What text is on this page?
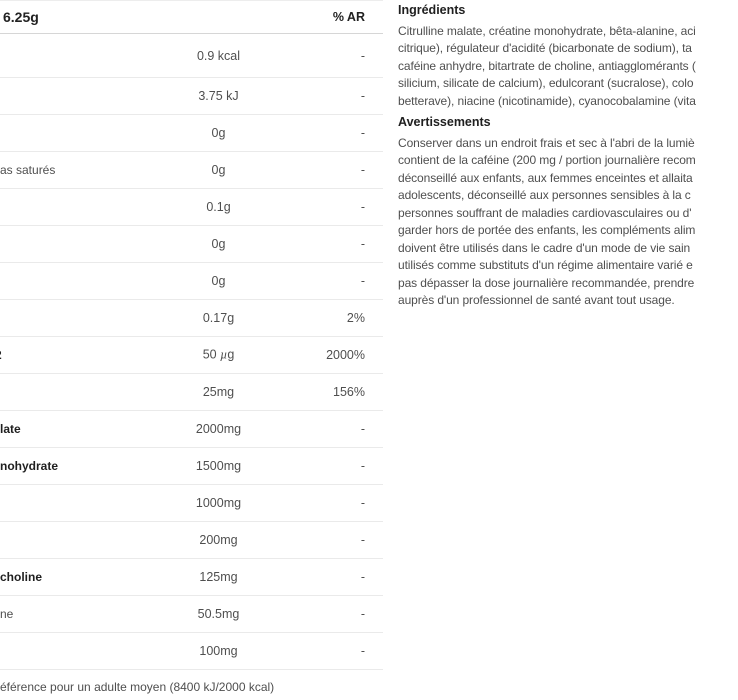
6.25g	% AR
0.9 kcal	-
3.75 kJ	-
0g	-
as saturés	0g	-
0.1g	-
0g	-
0g	-
0.17g	2%
50 µg	2000%
25mg	156%
late	2000mg	-
nohydrate	1500mg	-
1000mg	-
200mg	-
choline	125mg	-
ne	50.5mg	-
100mg	-
éférence pour un adulte moyen (8400 kJ/2000 kcal)
Ingrédients
Citrulline malate, créatine monohydrate, bêta-alanine, aci
citrique), régulateur d'acidité (bicarbonate de sodium), ta
caféine anhydre, bitartrate de choline, antiagglomérants (
silicium, silicate de calcium), edulcorant (sucralose), colo
betterave), niacine (nicotinamide), cyanocobalamine (vita
Avertissements
Conserver dans un endroit frais et sec à l'abri de la lumiè
contient de la caféine (200 mg / portion journalière recom
déconseillé aux enfants, aux femmes enceintes et allaita
adolescents, déconseillé aux personnes sensibles à la c
personnes souffrant de maladies cardiovasculaires ou d'
garder hors de portée des enfants, les compléments alim
doivent être utilisés dans le cadre d'un mode de vie sain
utilisés comme substituts d'un régime alimentaire varié e
pas dépasser la dose journalière recommandée, prendre
auprès d'un professionnel de santé avant tout usage.
